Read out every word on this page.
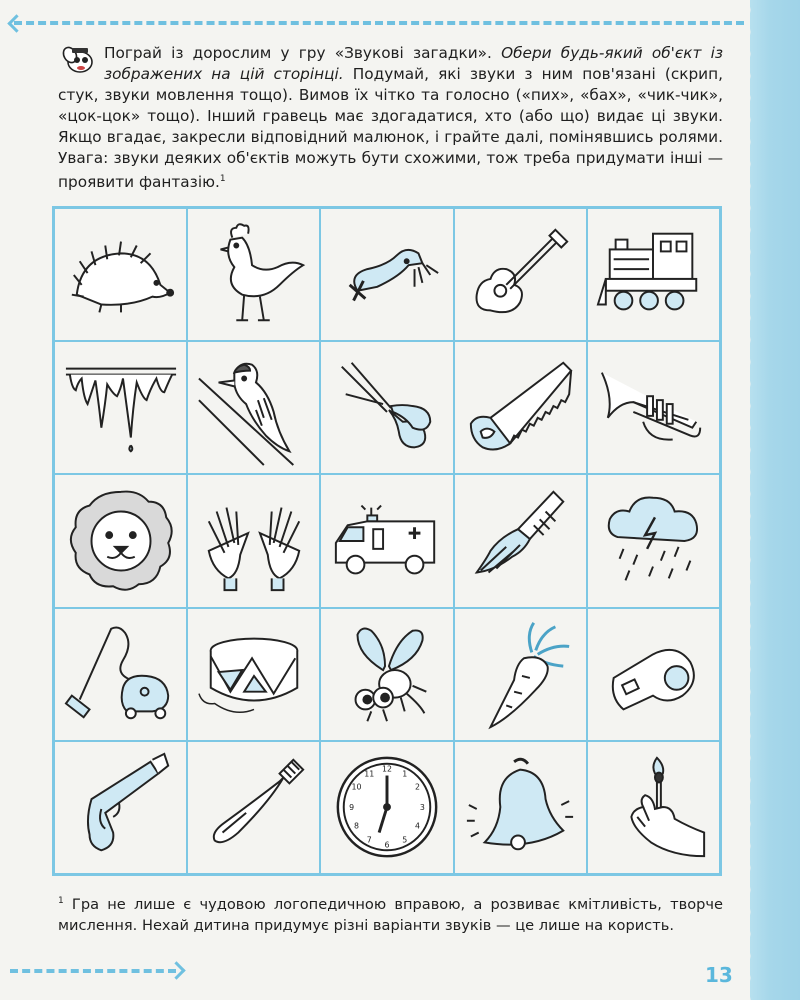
Пограй із дорослим у гру «Звукові загадки». Обери будь-який об'єкт із зображених на цій сторінці. Подумай, які звуки з ним пов'язані (скрип, стук, звуки мовлення тощо). Вимов їх чітко та голосно («пих», «бах», «чик-чик», «цок-цок» тощо). Інший гравець має здогадатися, хто (або що) видає ці звуки. Якщо вгадає, закресли відповідний малюнок, і грайте далі, помінявшись ролями. Увага: звуки деяких об'єктів можуть бути схожими, тож треба придумати інші — проявити фантазію.$^1$
12
1
2
3
4
5
6
7
8
9
10
11
$^1$ Гра не лише є чудовою логопедичною вправою, а розвиває кмітливість, творче мислення. Нехай дитина придумує різні варіанти звуків — це лише на користь.
13
